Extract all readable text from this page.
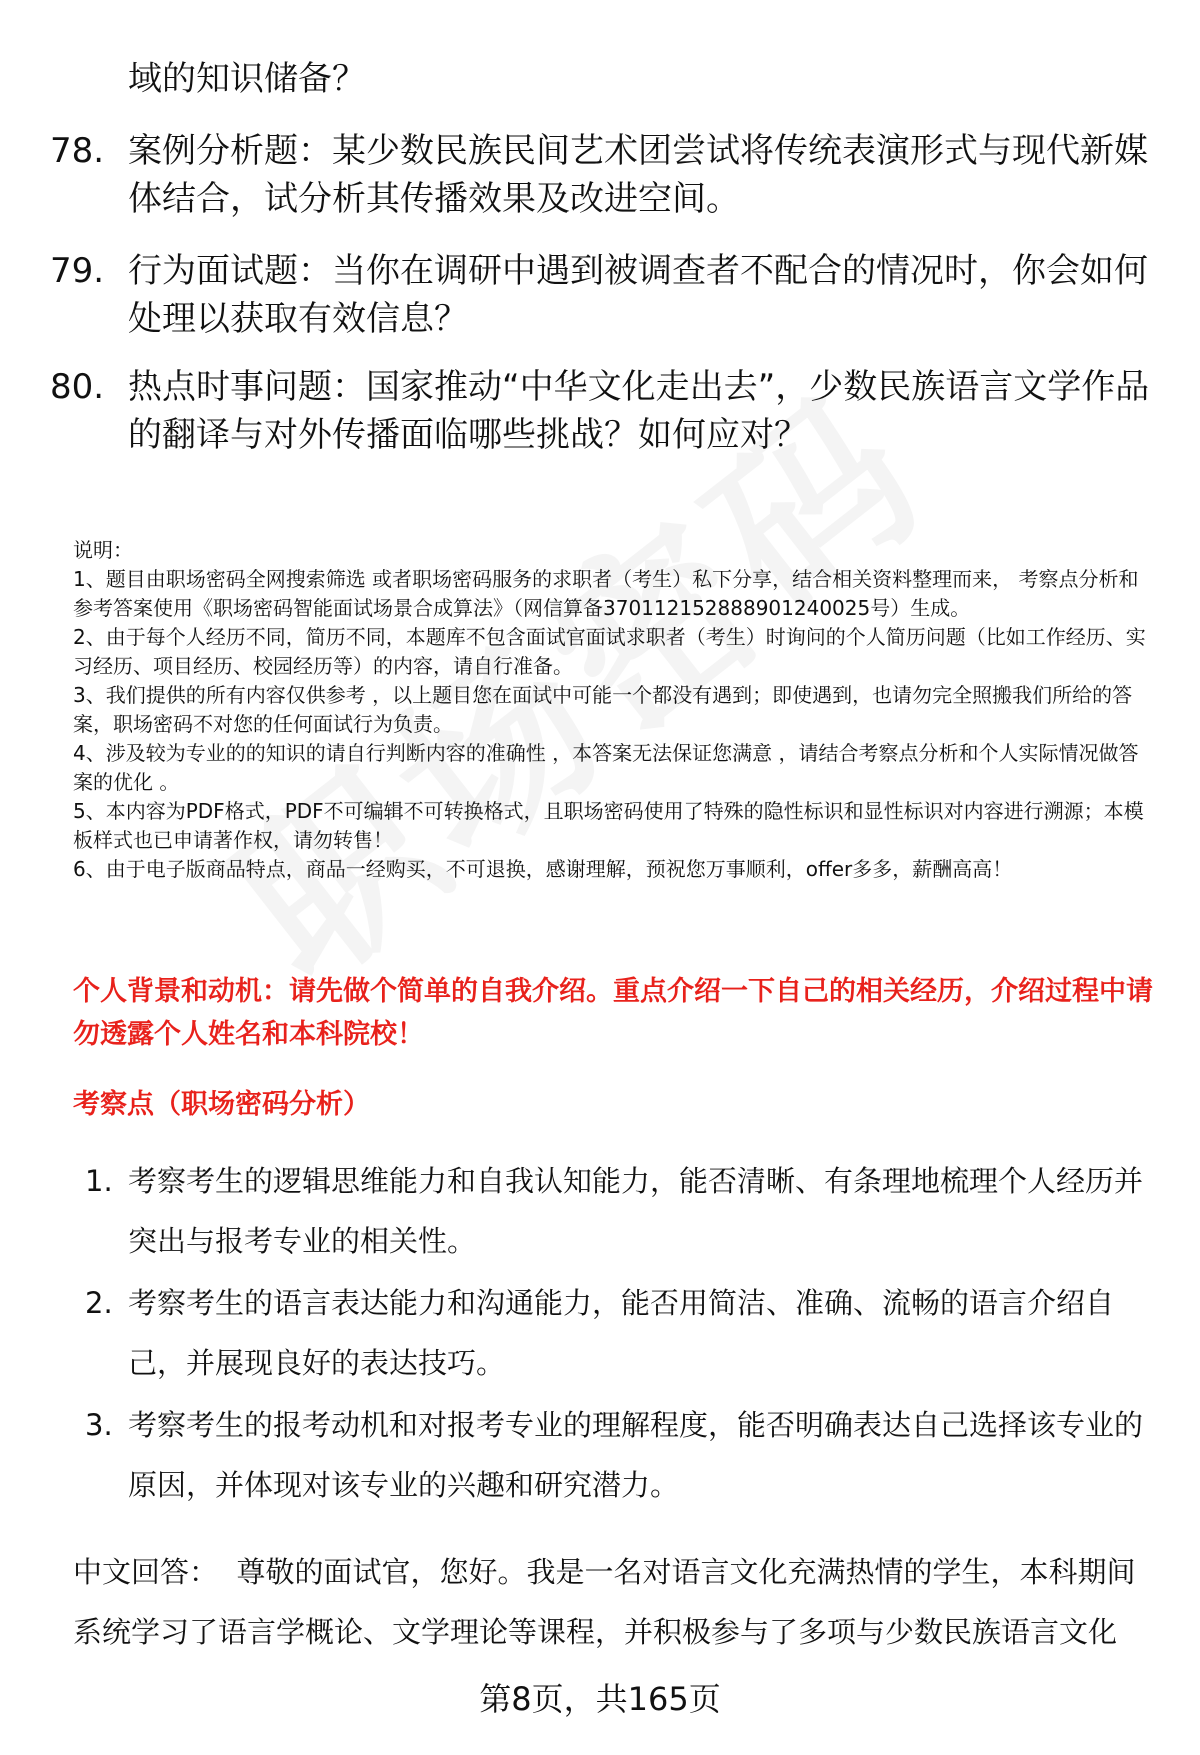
域的知识储备？
78. 案例分析题：某少数民族民间艺术团尝试将传统表演形式与现代新媒体结合，试分析其传播效果及改进空间。
79. 行为面试题：当你在调研中遇到被调查者不配合的情况时，你会如何处理以获取有效信息？
80. 热点时事问题：国家推动“中华文化走出去”，少数民族语言文学作品的翻译与对外传播面临哪些挑战？如何应对？

说明：

1、题目由职场密码全网搜索筛选 或者职场密码服务的求职者（考生）私下分享，结合相关资料整理而来， 考察点分析和参考答案使用《职场密码智能面试场景合成算法》（网信算备370112152888901240025号）生成。

2、由于每个人经历不同，简历不同，本题库不包含面试官面试求职者（考生）时询问的个人简历问题（比如工作经历、实习经历、项目经历、校园经历等）的内容，请自行准备。

3、我们提供的所有内容仅供参考 ，以上题目您在面试中可能一个都没有遇到；即使遇到，也请勿完全照搬我们所给的答案，职场密码不对您的任何面试行为负责。

4、涉及较为专业的的知识的请自行判断内容的准确性 ，本答案无法保证您满意 ，请结合考察点分析和个人实际情况做答案的优化 。

5、本内容为PDF格式，PDF不可编辑不可转换格式，且职场密码使用了特殊的隐性标识和显性标识对内容进行溯源；本模板样式也已申请著作权，请勿转售！

6、由于电子版商品特点，商品一经购买，不可退换，感谢理解，预祝您万事顺利，offer多多，薪酬高高！

个人背景和动机：请先做个简单的自我介绍。重点介绍一下自己的相关经历，介绍过程中请勿透露个人姓名和本科院校！
考察点（职场密码分析）
1. 考察考生的逻辑思维能力和自我认知能力，能否清晰、有条理地梳理个人经历并突出与报考专业的相关性。
2. 考察考生的语言表达能力和沟通能力，能否用简洁、准确、流畅的语言介绍自己，并展现良好的表达技巧。
3. 考察考生的报考动机和对报考专业的理解程度，能否明确表达自己选择该专业的原因，并体现对该专业的兴趣和研究潜力。
中文回答： 尊敬的面试官，您好。我是一名对语言文化充满热情的学生，本科期间系统学习了语言学概论、文学理论等课程，并积极参与了多项与少数民族语言文化
第8页，共165页
